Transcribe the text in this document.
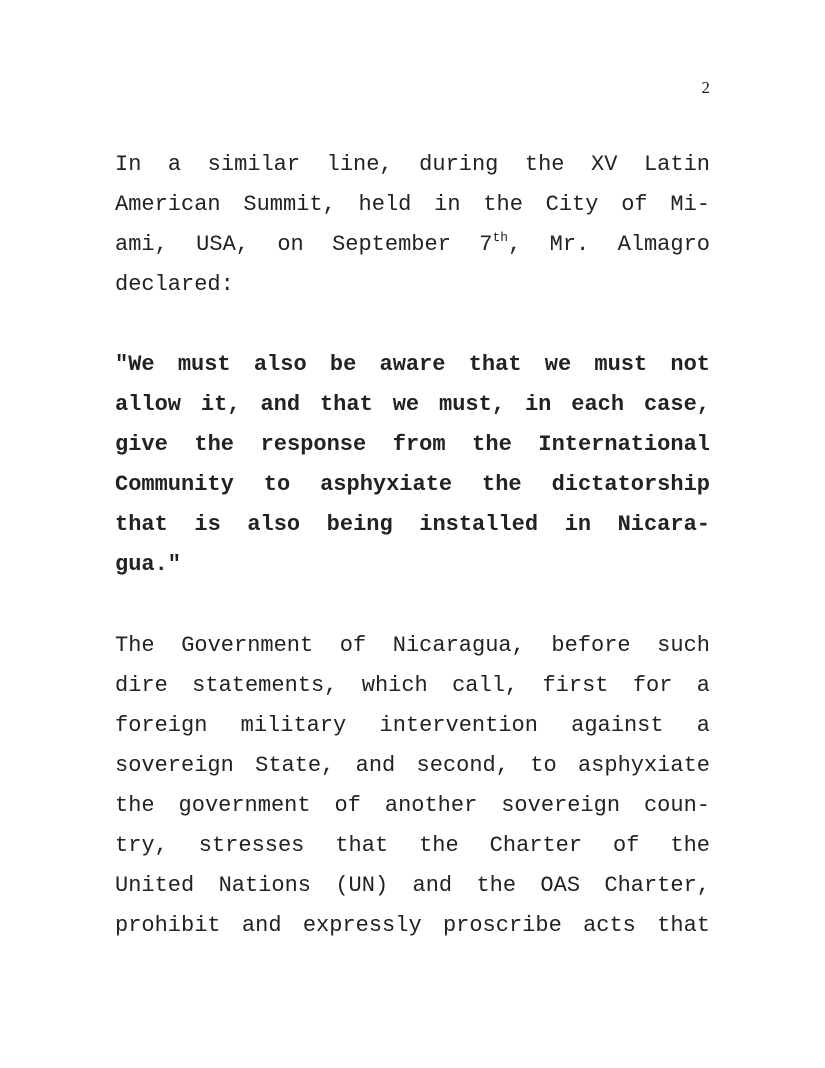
2
In a similar line, during the XV Latin
American Summit, held in the City of Mi-
ami, USA, on September 7th, Mr. Almagro
declared:
"We must also be aware that we must not
allow it, and that we must, in each case,
give the response from the International
Community to asphyxiate the dictatorship
that is also being installed in Nicara-
gua."
The Government of Nicaragua, before such
dire statements, which call, first for a
foreign military intervention against a
sovereign State, and second, to asphyxiate
the government of another sovereign coun-
try, stresses that the Charter of the
United Nations (UN) and the OAS Charter,
prohibit and expressly proscribe acts that
